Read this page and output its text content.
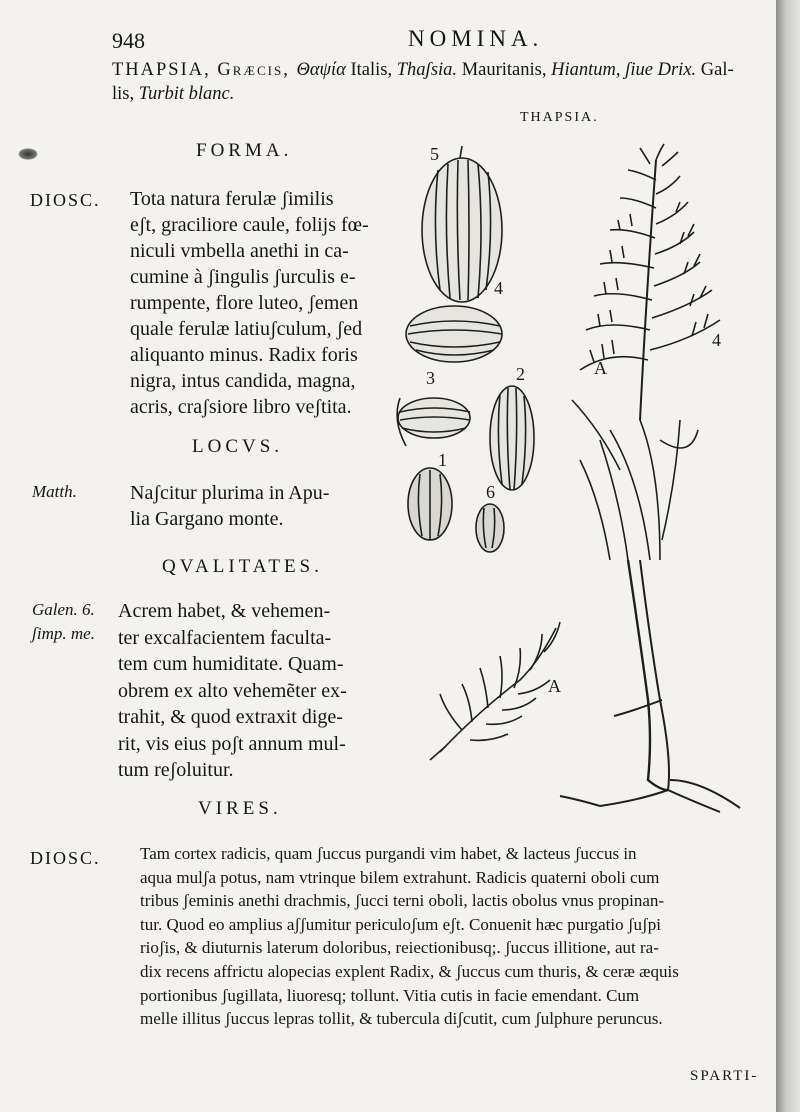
948	NOMINA.
THAPSIA, Græcis, Θαψία Italis, Thaʃsia. Mauritanis, Hiantum, ʃiue Drix. Gal-
lis, Turbit blanc.
THAPSIA.
FORMA.
DIOSC. Tota natura ferulæ ʃimilis
eʃt, graciliore caule, folijs fœ-
niculi vmbella anethi in ca-
cumine à ʃingulis ʃurculis e-
rumpente, flore luteo, ʃemen
quale ferulæ latiuʃculum, ʃed
aliquanto minus. Radix foris
nigra, intus candida, magna,
acris, craʃsiore libro veʃtita.
LOCVS.
Matth.	Naʃcitur plurima in Apu-
lia Gargano monte.
QVALITATES.
Galen. 6.
ʃimp. me.
Acrem habet, & vehemen-
ter excalfacientem faculta-
tem cum humiditate. Quam-
obrem ex alto vehemẽter ex-
trahit, & quod extraxit dige-
rit, vis eius poʃt annum mul-
tum reʃoluitur.
VIRES.
DIOSC. Tam cortex radicis, quam ʃuccus purgandi vim habet, & lacteus ʃuccus in
aqua mulʃa potus, nam vtrinque bilem extrahunt. Radicis quaterni oboli cum
tribus ʃeminis anethi drachmis, ʃucci terni oboli, lactis obolus vnus propinan-
tur. Quod eo amplius aʃʃumitur periculoʃum eʃt. Conuenit hæc purgatio ʃuʃpi
rioʃis, & diuturnis laterum doloribus, reiectionibusq;. ʃuccus illitione, aut ra-
dix recens affrictu alopecias explent Radix, & ʃuccus cum thuris, & ceræ æquis
portionibus ʃugillata, liuoresq; tollunt. Vitia cutis in facie emendant. Cum
melle illitus ʃuccus lepras tollit, & tubercula diʃcutit, cum ʃulphure peruncus.
SPARTI-
5
4
3	2
1
6
A
A
4
